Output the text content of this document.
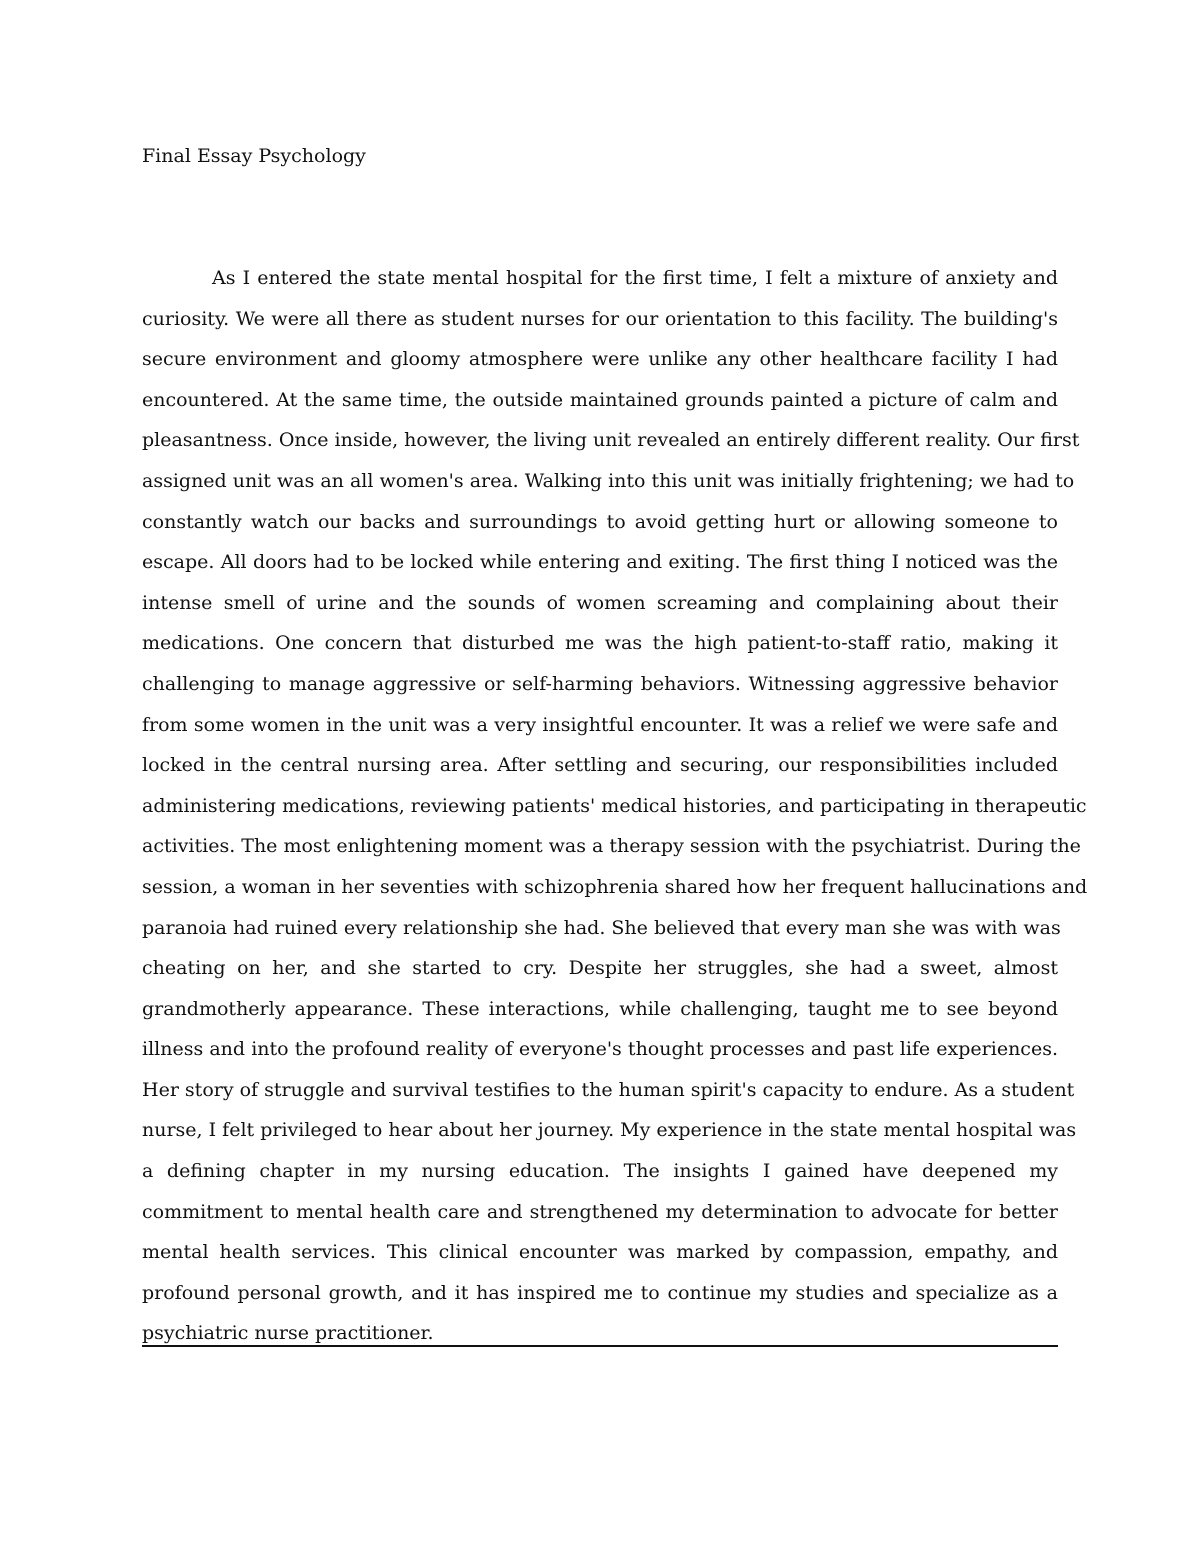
Final Essay Psychology
As I entered the state mental hospital for the first time, I felt a mixture of anxiety and
curiosity. We were all there as student nurses for our orientation to this facility. The building's
secure environment and gloomy atmosphere were unlike any other healthcare facility I had
encountered. At the same time, the outside maintained grounds painted a picture of calm and
pleasantness. Once inside, however, the living unit revealed an entirely different reality. Our first
assigned unit was an all women's area. Walking into this unit was initially frightening; we had to
constantly watch our backs and surroundings to avoid getting hurt or allowing someone to
escape. All doors had to be locked while entering and exiting. The first thing I noticed was the
intense smell of urine and the sounds of women screaming and complaining about their
medications. One concern that disturbed me was the high patient-to-staff ratio, making it
challenging to manage aggressive or self-harming behaviors. Witnessing aggressive behavior
from some women in the unit was a very insightful encounter. It was a relief we were safe and
locked in the central nursing area. After settling and securing, our responsibilities included
administering medications, reviewing patients' medical histories, and participating in therapeutic
activities. The most enlightening moment was a therapy session with the psychiatrist. During the
session, a woman in her seventies with schizophrenia shared how her frequent hallucinations and
paranoia had ruined every relationship she had. She believed that every man she was with was
cheating on her, and she started to cry. Despite her struggles, she had a sweet, almost
grandmotherly appearance. These interactions, while challenging, taught me to see beyond
illness and into the profound reality of everyone's thought processes and past life experiences.
Her story of struggle and survival testifies to the human spirit's capacity to endure. As a student
nurse, I felt privileged to hear about her journey. My experience in the state mental hospital was
a defining chapter in my nursing education. The insights I gained have deepened my
commitment to mental health care and strengthened my determination to advocate for better
mental health services. This clinical encounter was marked by compassion, empathy, and
profound personal growth, and it has inspired me to continue my studies and specialize as a
psychiatric nurse practitioner.
